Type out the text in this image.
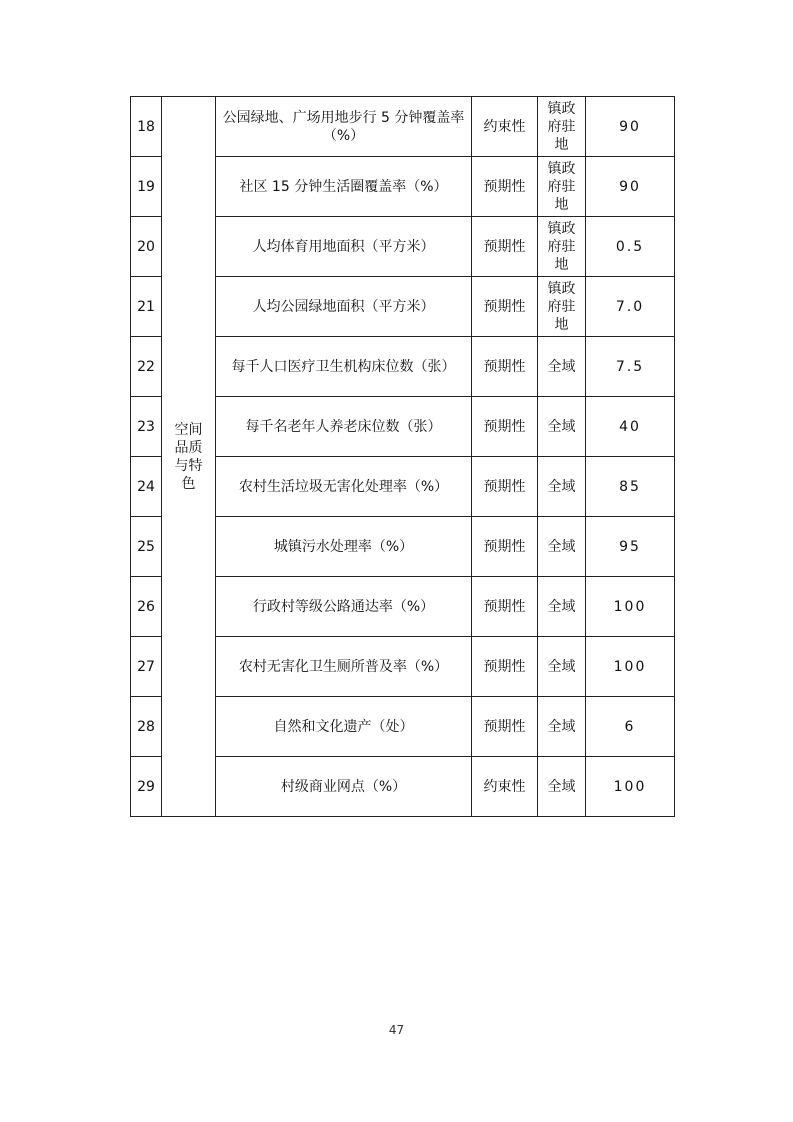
18	空间品质与特色	公园绿地、广场用地步行 5 分钟覆盖率（%）	约束性	镇政府驻地	90
19		社区 15 分钟生活圈覆盖率（%）	预期性	镇政府驻地	90
20		人均体育用地面积（平方米）	预期性	镇政府驻地	0.5
21		人均公园绿地面积（平方米）	预期性	镇政府驻地	7.0
22		每千人口医疗卫生机构床位数（张）	预期性	全域	7.5
23		每千名老年人养老床位数（张）	预期性	全域	40
24		农村生活垃圾无害化处理率（%）	预期性	全域	85
25		城镇污水处理率（%）	预期性	全域	95
26		行政村等级公路通达率（%）	预期性	全域	100
27		农村无害化卫生厕所普及率（%）	预期性	全域	100
28		自然和文化遗产（处）	预期性	全域	6
29		村级商业网点（%）	约束性	全域	100
47
